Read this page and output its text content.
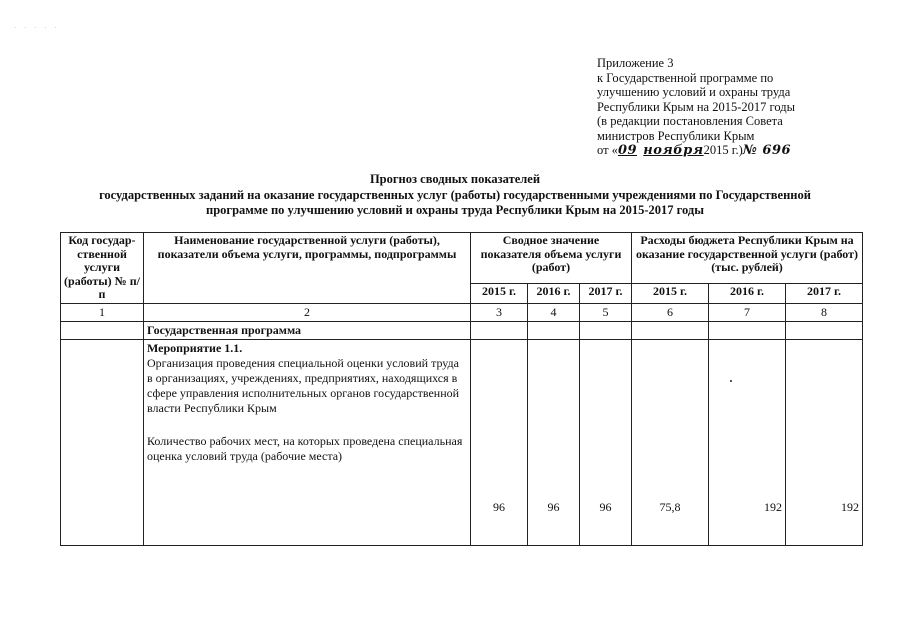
· · · · ·
Приложение 3
к Государственной программе по
улучшению условий и охраны труда
Республики Крым на 2015-2017 годы
(в редакции постановления Совета
министров Республики Крым
от «09 ноября2015 г.)№ 696
Прогноз сводных показателей
государственных заданий на оказание государственных услуг (работы) государственными учреждениями по Государственной
программе по улучшению условий и охраны труда Республики Крым на 2015-2017 годы
Код государ-ственной услуги (работы) № п/п	Наименование государственной услуги (работы), показатели объема услуги, программы, подпрограммы	Сводное значение показателя объема услуги (работ)			Расходы бюджета Республики Крым на оказание государственной услуги (работ) (тыс. рублей)		
		2015 г.	2016 г.	2017 г.	2015 г.	2016 г.	2017 г.
1	2	3	4	5	6	7	8
	Государственная программа						

	Мероприятие 1.1.
Организация проведения специальной оценки условий труда в организациях, учреждениях, предприятиях, находящихся в сфере управления исполнительных органов государственной власти Республики Крым
Количество рабочих мест, на которых проведена специальная оценка условий труда (рабочие места)	96	96	96	75,8	192	192
